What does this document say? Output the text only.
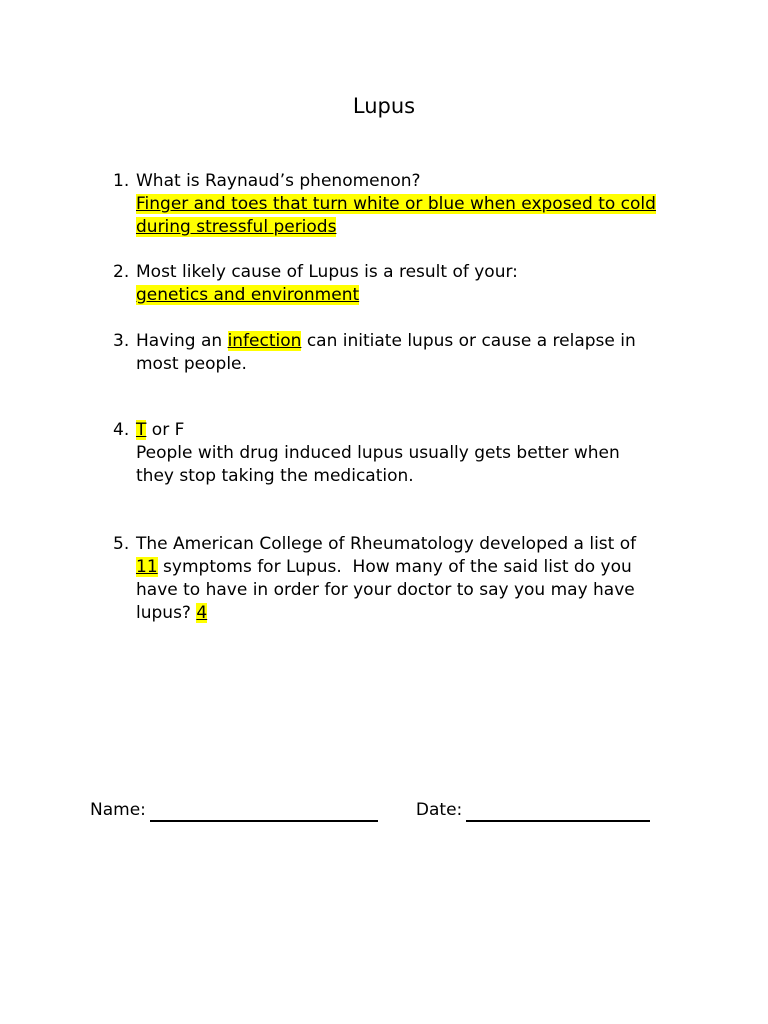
Lupus
1. What is Raynaud’s phenomenon?
Finger and toes that turn white or blue when exposed to cold
during stressful periods
2. Most likely cause of Lupus is a result of your:
genetics and environment
3. Having an infection can initiate lupus or cause a relapse in
most people.
4. T or F
People with drug induced lupus usually gets better when
they stop taking the medication.
5. The American College of Rheumatology developed a list of
11 symptoms for Lupus.  How many of the said list do you
have to have in order for your doctor to say you may have
lupus? 4
Name:	Date:
